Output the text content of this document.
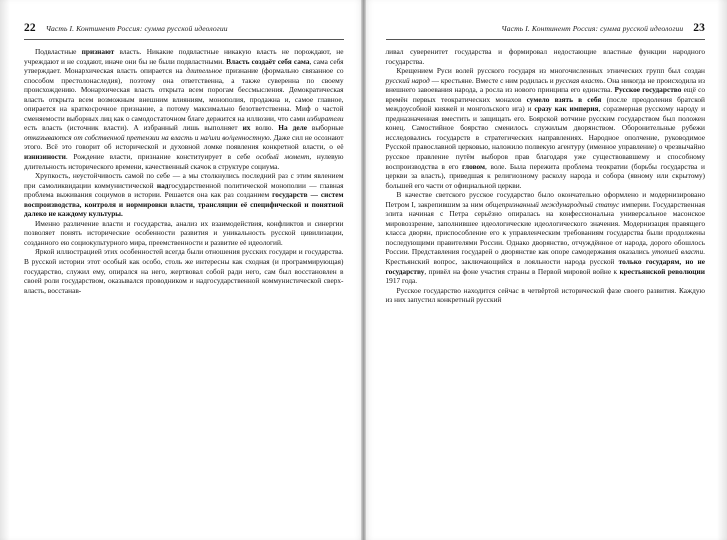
22 Часть I. Континент Россия: сумма русской идеологии

Подвластные признают власть. Никакие подвластные никакую власть не порождают, не учреждают и не создают, иначе они бы не были подвластными. Власть создаёт себя сама, сама себя утверждает. Монархическая власть опирается на длительное признание (формально связанное со способом престолонаследия), поэтому она ответственна, а также суверенна по своему происхождению. Монархическая власть открыта всем порогам бессмысления. Демократическая власть открыта всем возможным внешним влияниям, монополия, продажна и, самое главное, опирается на краткосрочное признание, а потому максимально безответственна. Миф о частой сменяемости выборных лиц как о самодостаточном благе держится на иллюзии, что сами избиратели есть власть (источник власти). А избранный лишь выполняет их волю. На деле выборные отказываются от собственной претензии на власть и на/или во/ценностную. Даже сил не осознают этого. Всё это говорит об исторической и духовной ломке появления конкретной власти, о её изнизиности. Рождение власти, признание конституирует в себе особый момент, нулевую длительность исторического времени, качественный скачок в структуре социума.

Хрупкость, неустойчивость самой по себе — а мы столкнулись последний раз с этим явлением при самоликвидации коммунистической надгосударственной политической монополии — главная проблема выживания социумов в истории. Решается она как раз созданием государств — систем воспроизводства, контроля и нормировки власти, трансляции её специфической и понятной далеко не каждому культуры.

Именно различение власти и государства, анализ их взаимодействия, конфликтов и синергии позволяет понять исторические особенности развития и уникальность русской цивилизации, созданного ею социокультурного мира, преемственности и развитие её идеологий.

Яркой иллюстрацией этих особенностей всегда были отношения русских государи и государства. В русской истории этот особый как особо, столь же интересны как сходная (и программирующая) государство, служил ему, опирался на него, жертвовал собой ради него, сам был восстановлен в своей роли государством, оказывался проводником и надгосударственной коммунистической сверх-власть, восстанав-

Часть I. Континент Россия: сумма русской идеологии 23

ливал суверенитет государства и формировал недостающие властные функции народного государства.

Крещением Руси волей русского государя из многочисленных этнических групп был создан русский народ — крестьяне. Вместе с ним родилась и русская власть. Она никогда не происходила из внешнего завоевания народа, а росла из нового принципа его единства. Русское государство ещё со времён первых теократических монахов сумело взять в себя (после преодоления братской междоусобной княжей и монгольского ига) и сразу как империя, соразмерная русскому народу и предназначенная вместить и защищать его. Боярской вотчине русским государством был положен конец. Самостийное боярство сменилось служилым дворянством. Оборонительные рубежи исследовались государств в стратегических направлениях. Народное ополчение, руководимое Русской православной церковью, наложило полвекую агентуру (именное управление) о чрезвычайно русское правление путём выборов прав благодаря уже существовавшему и способному воспроизводства в его гловом, воле. Была пережита проблема теократии (борьбы государства и церкви за власть), приведшая к религиозному расколу народа и собора (явному или скрытому) большей его части от официальной церкви.

В качестве светского русское государство было окончательно оформлено и модернизировано Петром I, закрепившим за ним общепризнанный международный статус империи. Государственная элита начиная с Петра серьёзно опиралась на конфессиональна универсальное масонское мировоззрение, заполнившее идеологические идеологического значения. Модернизация правящего класса дворян, приспособление его к управленческим требованиям государства были продолжены последующими правителями России. Однако дворянство, отчуждённое от народа, дорого обошлось России. Представления государей о дворянстве как опоре самодержавия оказались утопией власти. Крестьянский вопрос, заключающийся в лояльности народа русской только государям, но не государству, привёл на фоне участия страны в Первой мировой войне к крестьянской революции 1917 года.

Русское государство находится сейчас в четвёртой исторической фазе своего развития. Каждую из них запустил конкретный русский
